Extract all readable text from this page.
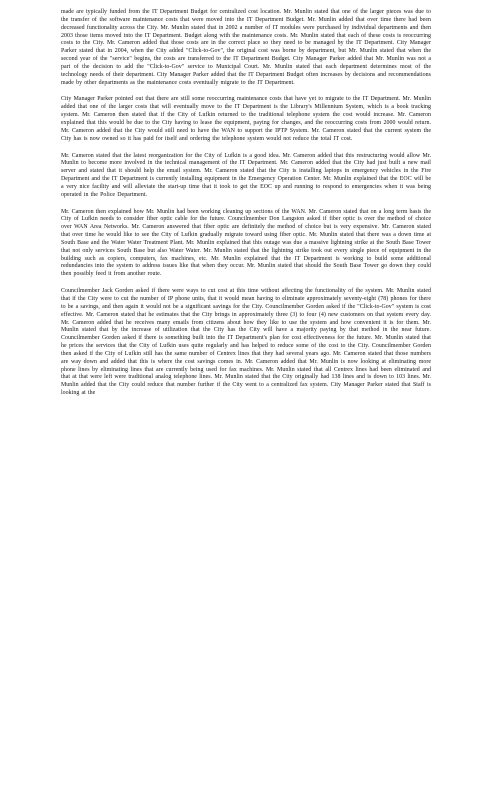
made are typically funded from the IT Department Budget for centralized cost location. Mr. Munlin stated that one of the larger pieces was due to the transfer of the software maintenance costs that were moved into the IT Department Budget. Mr. Munlin added that over time there had been decreased functionality across the City. Mr. Munlin stated that in 2002 a number of IT modules were purchased by individual departments and then 2003 those items moved into the IT Department. Budget along with the maintenance costs. Mr. Munlin stated that each of these costs is reoccurring costs to the City. Mr. Cameron added that those costs are in the correct place so they need to be managed by the IT Department. City Manager Parker stated that in 2004, when the City added "Click-to-Gov", the original cost was borne by department, but Mr. Munlin stated that when the second year of the "service" begins, the costs are transferred to the IT Department Budget. City Manager Parker added that Mr. Munlin was not a part of the decision to add the "Click-to-Gov" service to Municipal Court. Mr. Munlin stated that each department determines most of the technology needs of their department. City Manager Parker added that the IT Department Budget often increases by decisions and recommendations made by other departments as the maintenance costs eventually migrate to the IT Department.

City Manager Parker pointed out that there are still some reoccurring maintenance costs that have yet to migrate to the IT Department. Mr. Munlin added that one of the larger costs that will eventually move to the IT Department is the Library's Millennium System, which is a book tracking system. Mr. Cameron then stated that if the City of Lufkin returned to the traditional telephone system the cost would increase. Mr. Cameron explained that this would be due to the City having to lease the equipment, paying for changes, and the reoccurring costs from 2000 would return. Mr. Cameron added that the City would still need to have the WAN to support the IPTP System. Mr. Cameron stated that the current system the City has is now owned so it has paid for itself and ordering the telephone system would not reduce the total IT cost.

Mr. Cameron stated that the latest reorganization for the City of Lufkin is a good idea. Mr. Cameron added that this restructuring would allow Mr. Munlin to become more involved in the technical management of the IT Department. Mr. Cameron added that the City had just built a new mail server and stated that it should help the email system. Mr. Cameron stated that the City is installing laptops in emergency vehicles in the Fire Department and the IT Department is currently installing equipment in the Emergency Operation Center. Mr. Munlin explained that the EOC will be a very nice facility and will alleviate the start-up time that it took to get the EOC up and running to respond to emergencies when it was being operated in the Police Department.

Mr. Cameron then explained how Mr. Munlin had been working cleaning up sections of the WAN. Mr. Cameron stated that on a long term basis the City of Lufkin needs to consider fiber optic cable for the future. Councilmember Don Langston asked if fiber optic is over the method of choice over WAN Area Networks. Mr. Cameron answered that fiber optic are definitely the method of choice but is very expensive. Mr. Cameron stated that over time he would like to see the City of Lufkin gradually migrate toward using fiber optic. Mr. Munlin stated that there was a down time at South Base and the Water Water Treatment Plant. Mr. Munlin explained that this outage was due a massive lightning strike at the South Base Tower that not only services South Base but also Water Water. Mr. Munlin stated that the lightning strike took out every single piece of equipment in the building such as copiers, computers, fax machines, etc. Mr. Munlin explained that the IT Department is working to build some additional redundancies into the system to address issues like that when they occur. Mr. Munlin stated that should the South Base Tower go down they could then possibly feed it from another route.

Councilmember Jack Gorden asked if there were ways to cut cost at this time without affecting the functionality of the system. Mr. Munlin stated that if the City were to cut the number of IP phone units, that it would mean having to eliminate approximately seventy-eight (78) phones for there to be a savings, and then again it would not be a significant savings for the City. Councilmember Gorden asked if the "Click-to-Gov" system is cost effective. Mr. Cameron stated that he estimates that the City brings in approximately three (3) to four (4) new customers on that system every day. Mr. Cameron added that he receives many emails from citizens about how they like to use the system and how convenient it is for them. Mr. Munlin stated that by the increase of utilization that the City has the City will have a majority paying by that method in the near future. Councilmember Gorden asked if there is something built into the IT Department's plan for cost effectiveness for the future. Mr. Munlin stated that he prices the services that the City of Lufkin uses quite regularly and has helped to reduce some of the cost to the City. Councilmember Gorden then asked if the City of Lufkin still has the same number of Centrex lines that they had several years ago. Mr. Cameron stated that those numbers are way down and added that this is where the cost savings comes in. Mr. Cameron added that Mr. Munlin is now looking at eliminating more phone lines by eliminating lines that are currently being used for fax machines. Mr. Munlin stated that all Centrex lines had been eliminated and that at that were left were traditional analog telephone lines. Mr. Munlin stated that the City originally had 138 lines and is down to 103 lines. Mr. Munlin added that the City could reduce that number further if the City went to a centralized fax system. City Manager Parker stated that Staff is looking at the
